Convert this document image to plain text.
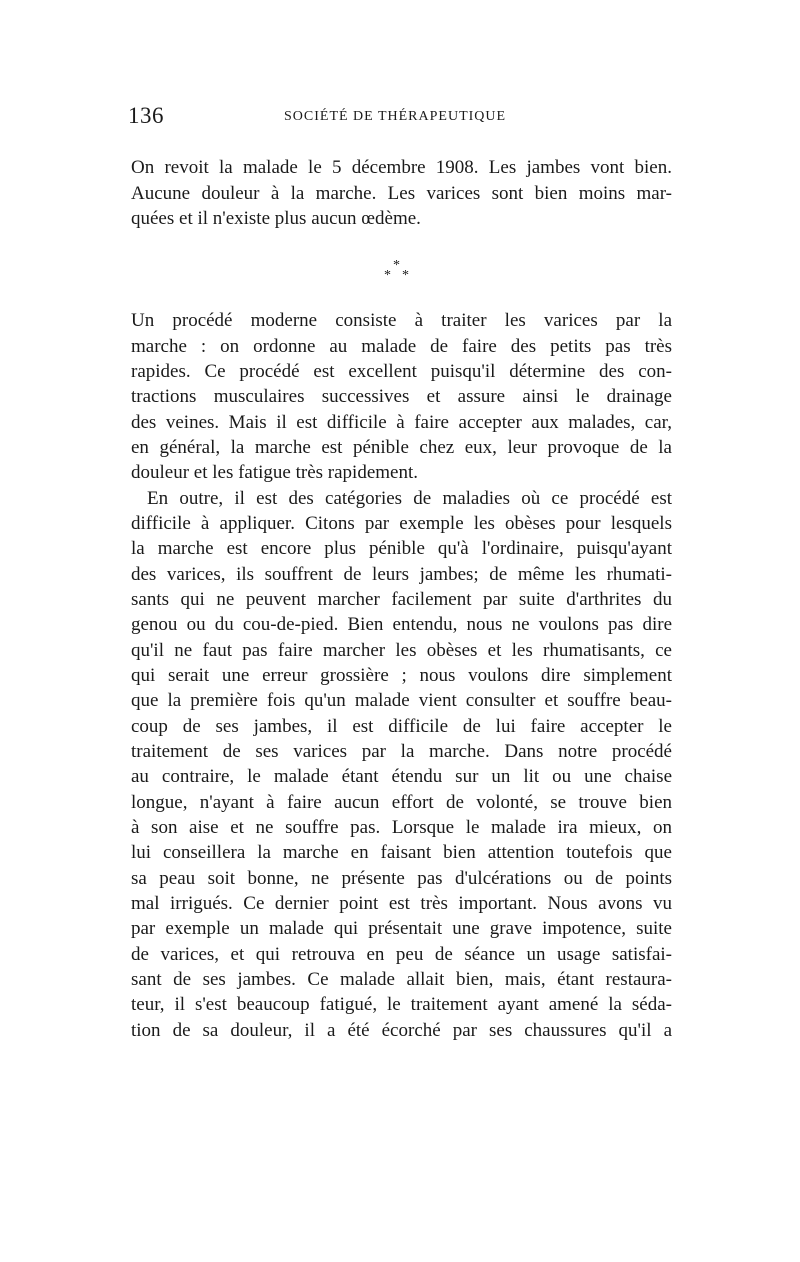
136	SOCIÉTÉ DE THÉRAPEUTIQUE
On revoit la malade le 5 décembre 1908. Les jambes vont bien.
Aucune douleur à la marche. Les varices sont bien moins mar-
quées et il n'existe plus aucun œdème.
*
* *
Un procédé moderne consiste à traiter les varices par la
marche : on ordonne au malade de faire des petits pas très
rapides. Ce procédé est excellent puisqu'il détermine des con-
tractions musculaires successives et assure ainsi le drainage
des veines. Mais il est difficile à faire accepter aux malades, car,
en général, la marche est pénible chez eux, leur provoque de la
douleur et les fatigue très rapidement.
En outre, il est des catégories de maladies où ce procédé est
difficile à appliquer. Citons par exemple les obèses pour lesquels
la marche est encore plus pénible qu'à l'ordinaire, puisqu'ayant
des varices, ils souffrent de leurs jambes; de même les rhumati-
sants qui ne peuvent marcher facilement par suite d'arthrites du
genou ou du cou-de-pied. Bien entendu, nous ne voulons pas dire
qu'il ne faut pas faire marcher les obèses et les rhumatisants, ce
qui serait une erreur grossière ; nous voulons dire simplement
que la première fois qu'un malade vient consulter et souffre beau-
coup de ses jambes, il est difficile de lui faire accepter le
traitement de ses varices par la marche. Dans notre procédé
au contraire, le malade étant étendu sur un lit ou une chaise
longue, n'ayant à faire aucun effort de volonté, se trouve bien
à son aise et ne souffre pas. Lorsque le malade ira mieux, on
lui conseillera la marche en faisant bien attention toutefois que
sa peau soit bonne, ne présente pas d'ulcérations ou de points
mal irrigués. Ce dernier point est très important. Nous avons vu
par exemple un malade qui présentait une grave impotence, suite
de varices, et qui retrouva en peu de séance un usage satisfai-
sant de ses jambes. Ce malade allait bien, mais, étant restaura-
teur, il s'est beaucoup fatigué, le traitement ayant amené la séda-
tion de sa douleur, il a été écorché par ses chaussures qu'il a
